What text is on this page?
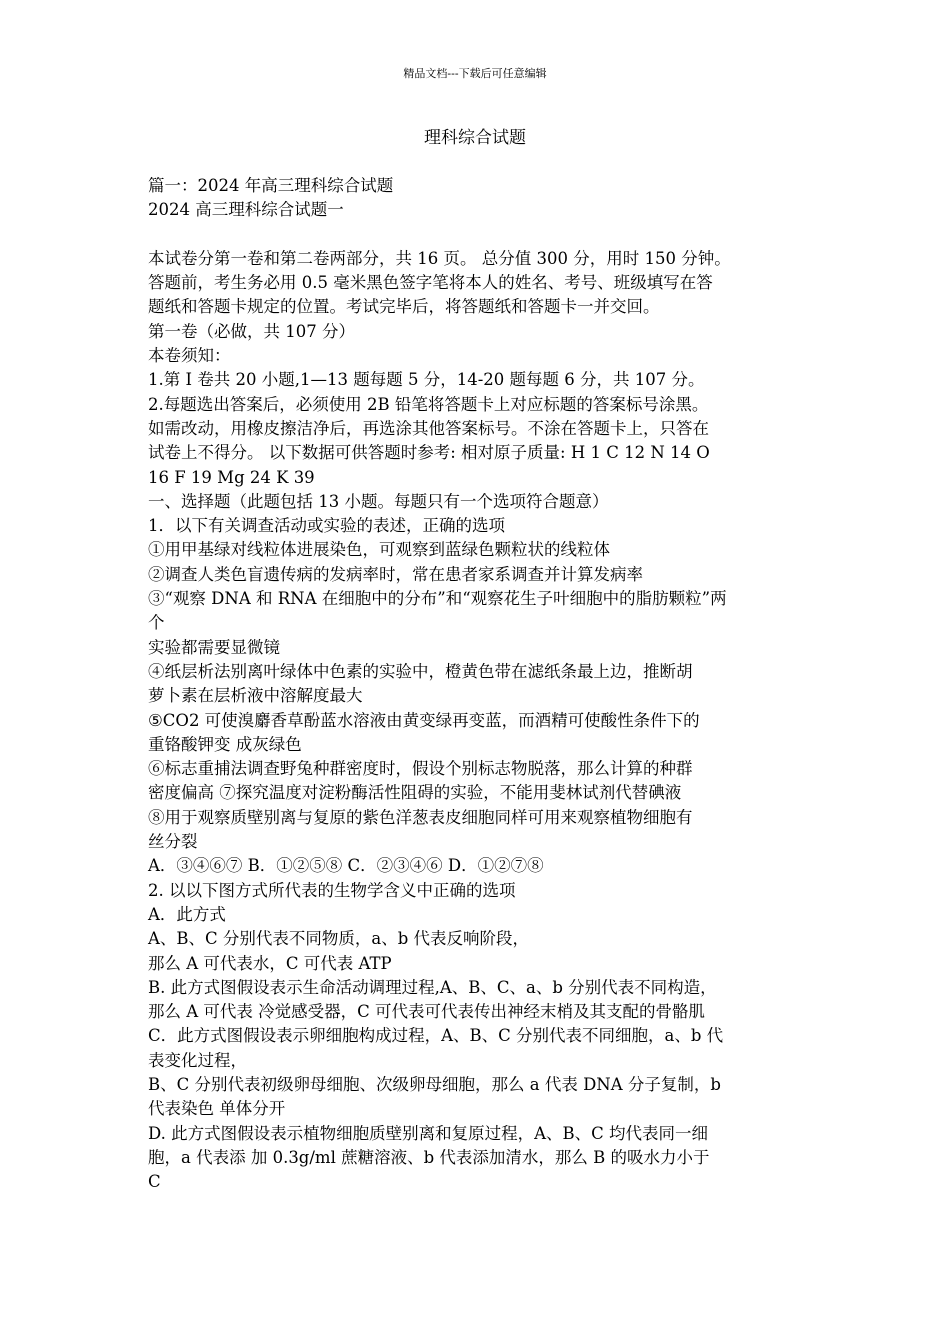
精品文档---下载后可任意编辑
理科综合试题
篇一：2024 年高三理科综合试题
2024 高三理科综合试题一
本试卷分第一卷和第二卷两部分，共 16 页。 总分值 300 分，用时 150 分钟。
答题前，考生务必用 0.5 毫米黑色签字笔将本人的姓名、考号、班级填写在答
题纸和答题卡规定的位置。考试完毕后，将答题纸和答题卡一并交回。
第一卷（必做，共 107 分）
本卷须知：
1.第 I 卷共 20 小题,1—13 题每题 5 分，14-20 题每题 6 分，共 107 分。
2.每题选出答案后，必须使用 2B 铅笔将答题卡上对应标题的答案标号涂黑。
如需改动，用橡皮擦洁净后，再选涂其他答案标号。不涂在答题卡上，只答在
试卷上不得分。 以下数据可供答题时参考: 相对原子质量: H 1 C 12 N 14 O
16 F 19 Mg 24 K 39
一、选择题（此题包括 13 小题。每题只有一个选项符合题意）
1．以下有关调查活动或实验的表述，正确的选项
①用甲基绿对线粒体进展染色，可观察到蓝绿色颗粒状的线粒体
②调查人类色盲遗传病的发病率时，常在患者家系调查并计算发病率
③“观察 DNA 和 RNA 在细胞中的分布”和“观察花生子叶细胞中的脂肪颗粒”两
个
实验都需要显微镜
④纸层析法别离叶绿体中色素的实验中，橙黄色带在滤纸条最上边，推断胡
萝卜素在层析液中溶解度最大
⑤CO2 可使溴麝香草酚蓝水溶液由黄变绿再变蓝，而酒精可使酸性条件下的
重铬酸钾变 成灰绿色
⑥标志重捕法调查野兔种群密度时，假设个别标志物脱落，那么计算的种群
密度偏高 ⑦探究温度对淀粉酶活性阻碍的实验，不能用斐林试剂代替碘液
⑧用于观察质壁别离与复原的紫色洋葱表皮细胞同样可用来观察植物细胞有
丝分裂
A．③④⑥⑦ B．①②⑤⑧ C．②③④⑥ D．①②⑦⑧
2. 以以下图方式所代表的生物学含义中正确的选项
A．此方式
A、B、C 分别代表不同物质，a、b 代表反响阶段，
那么 A 可代表水，C 可代表 ATP
B. 此方式图假设表示生命活动调理过程,A、B、C、a、b 分别代表不同构造，
那么 A 可代表 冷觉感受器，C 可代表可代表传出神经末梢及其支配的骨骼肌
C．此方式图假设表示卵细胞构成过程，A、B、C 分别代表不同细胞，a、b 代
表变化过程，
B、C 分别代表初级卵母细胞、次级卵母细胞，那么 a 代表 DNA 分子复制，b
代表染色 单体分开
D. 此方式图假设表示植物细胞质壁别离和复原过程，A、B、C 均代表同一细
胞，a 代表添 加 0.3g/ml 蔗糖溶液、b 代表添加清水，那么 B 的吸水力小于
C
